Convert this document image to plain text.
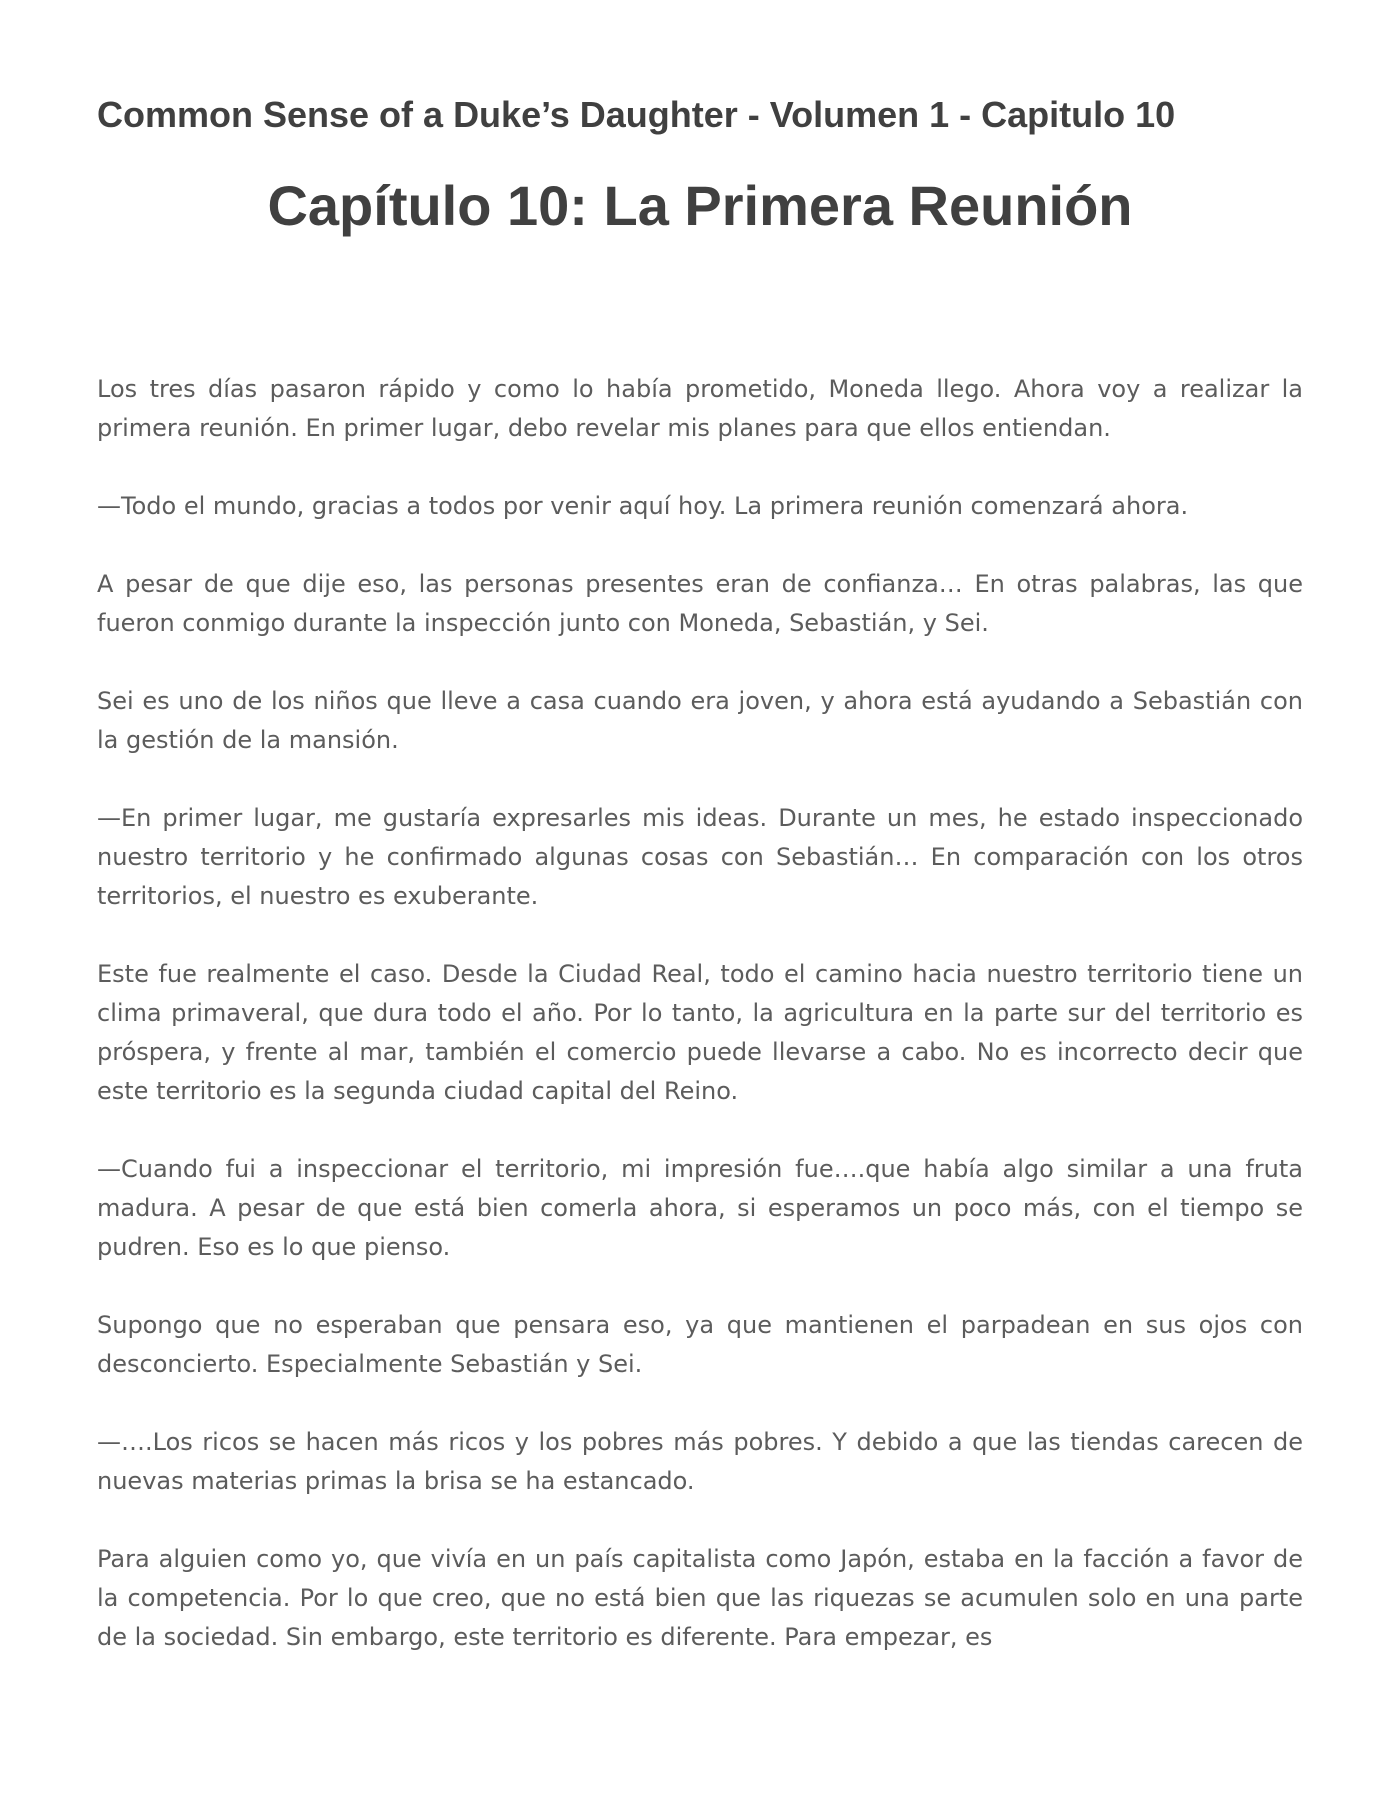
Common Sense of a Duke’s Daughter - Volumen 1 - Capitulo 10
Capítulo 10: La Primera Reunión

Los tres días pasaron rápido y como lo había prometido, Moneda llego. Ahora voy a realizar la primera reunión. En primer lugar, debo revelar mis planes para que ellos entiendan.

—Todo el mundo, gracias a todos por venir aquí hoy. La primera reunión comenzará ahora.

A pesar de que dije eso, las personas presentes eran de confianza… En otras palabras, las que fueron conmigo durante la inspección junto con Moneda, Sebastián, y Sei.

Sei es uno de los niños que lleve a casa cuando era joven, y ahora está ayudando a Sebastián con la gestión de la mansión.

—En primer lugar, me gustaría expresarles mis ideas. Durante un mes, he estado inspeccionado nuestro territorio y he confirmado algunas cosas con Sebastián… En comparación con los otros territorios, el nuestro es exuberante.

Este fue realmente el caso. Desde la Ciudad Real, todo el camino hacia nuestro territorio tiene un clima primaveral, que dura todo el año. Por lo tanto, la agricultura en la parte sur del territorio es próspera, y frente al mar, también el comercio puede llevarse a cabo. No es incorrecto decir que este territorio es la segunda ciudad capital del Reino.

—Cuando fui a inspeccionar el territorio, mi impresión fue….que había algo similar a una fruta madura. A pesar de que está bien comerla ahora, si esperamos un poco más, con el tiempo se pudren. Eso es lo que pienso.

Supongo que no esperaban que pensara eso, ya que mantienen el parpadean en sus ojos con desconcierto. Especialmente Sebastián y Sei.

—….Los ricos se hacen más ricos y los pobres más pobres. Y debido a que las tiendas carecen de nuevas materias primas la brisa se ha estancado.

Para alguien como yo, que vivía en un país capitalista como Japón, estaba en la facción a favor de la competencia. Por lo que creo, que no está bien que las riquezas se acumulen solo en una parte de la sociedad. Sin embargo, este territorio es diferente. Para empezar, es
